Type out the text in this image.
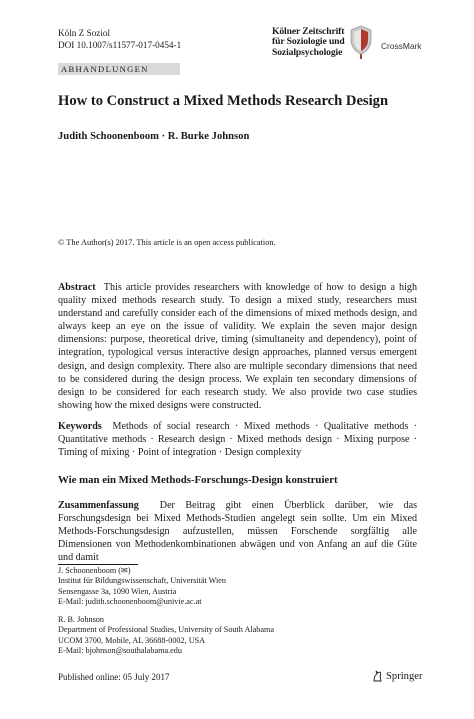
Köln Z Soziol
DOI 10.1007/s11577-017-0454-1
Kölner Zeitschrift
für Soziologie und
Sozialpsychologie
CrossMark
ABHANDLUNGEN
How to Construct a Mixed Methods Research Design
Judith Schoonenboom · R. Burke Johnson
© The Author(s) 2017. This article is an open access publication.
Abstract This article provides researchers with knowledge of how to design a high quality mixed methods research study. To design a mixed study, researchers must understand and carefully consider each of the dimensions of mixed methods design, and always keep an eye on the issue of validity. We explain the seven major design dimensions: purpose, theoretical drive, timing (simultaneity and dependency), point of integration, typological versus interactive design approaches, planned versus emergent design, and design complexity. There also are multiple secondary dimensions that need to be considered during the design process. We explain ten secondary dimensions of design to be considered for each research study. We also provide two case studies showing how the mixed designs were constructed.
Keywords Methods of social research · Mixed methods · Qualitative methods · Quantitative methods · Research design · Mixed methods design · Mixing purpose · Timing of mixing · Point of integration · Design complexity
Wie man ein Mixed Methods-Forschungs-Design konstruiert
Zusammenfassung Der Beitrag gibt einen Überblick darüber, wie das Forschungsdesign bei Mixed Methods-Studien angelegt sein sollte. Um ein Mixed Methods-Forschungsdesign aufzustellen, müssen Forschende sorgfältig alle Dimensionen von Methodenkombinationen abwägen und von Anfang an auf die Güte und damit
J. Schoonenboom (✉)
Institut für Bildungswissenschaft, Universität Wien
Sensengasse 3a, 1090 Wien, Austria
E-Mail: judith.schoonenboom@univie.ac.at
R. B. Johnson
Department of Professional Studies, University of South Alabama
UCOM 3700, Mobile, AL 36688-0002, USA
E-Mail: bjohnson@southalabama.edu
Published online: 05 July 2017	Springer
